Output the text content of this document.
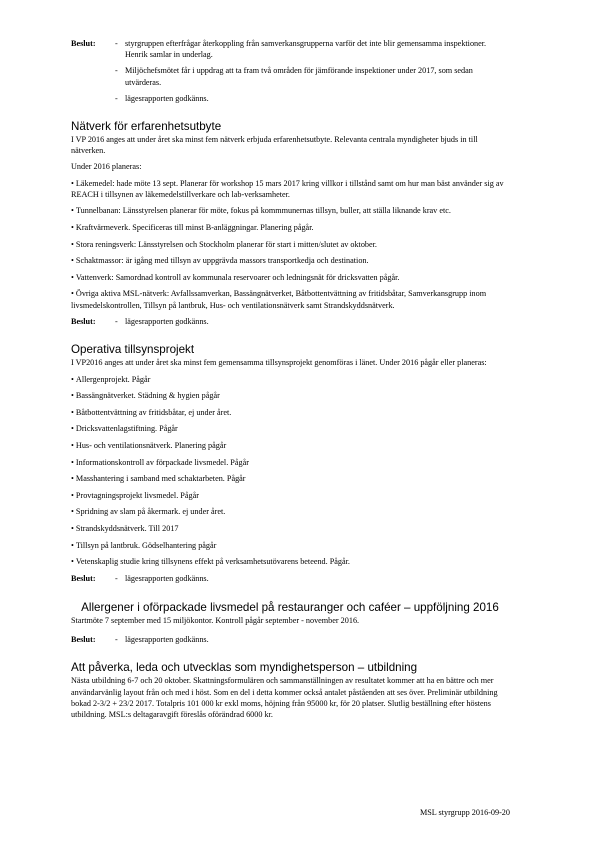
Beslut:	- styrgruppen efterfrågar återkoppling från samverkansgrupperna varför det inte blir gemensamma inspektioner. Henrik samlar in underlag.
- Miljöchefsmötet får i uppdrag att ta fram två områden för jämförande inspektioner under 2017, som sedan utvärderas.
- lägesrapporten godkänns.
Nätverk för erfarenhetsutbyte

I VP 2016 anges att under året ska minst fem nätverk erbjuda erfarenhetsutbyte. Relevanta centrala myndigheter bjuds in till nätverken.

Under 2016 planeras:

• Läkemedel: hade möte 13 sept. Planerar för workshop 15 mars 2017 kring villkor i tillstånd samt om hur man bäst använder sig av REACH i tillsynen av läkemedelstillverkare och lab-verksamheter.
• Tunnelbanan: Länsstyrelsen planerar för möte, fokus på kommmunernas tillsyn, buller, att ställa liknande krav etc.
• Kraftvärmeverk. Specificeras till minst B-anläggningar. Planering pågår.
• Stora reningsverk: Länsstyrelsen och Stockholm planerar för start i mitten/slutet av oktober.
• Schaktmassor: är igång med tillsyn av uppgrävda massors transportkedja och destination.
• Vattenverk: Samordnad kontroll av kommunala reservoarer och ledningsnät för dricksvatten pågår.
• Övriga aktiva MSL-nätverk: Avfallssamverkan, Bassängnätverket, Båtbottentvättning av fritidsbåtar, Samverkansgrupp inom livsmedelskontrollen, Tillsyn på lantbruk, Hus- och ventilationsnätverk samt Strandskyddsnätverk.
Beslut:	- lägesrapporten godkänns.
Operativa tillsynsprojekt

I VP2016 anges att under året ska minst fem gemensamma tillsynsprojekt genomföras i länet. Under 2016 pågår eller planeras:

• Allergenprojekt. Pågår
• Bassängnätverket. Städning & hygien pågår
• Båtbottentvättning av fritidsbåtar, ej under året.
• Dricksvattenlagstiftning. Pågår
• Hus- och ventilationsnätverk. Planering pågår
• Informationskontroll av förpackade livsmedel. Pågår
• Masshantering i samband med schaktarbeten. Pågår
• Provtagningsprojekt livsmedel. Pågår
• Spridning av slam på åkermark. ej under året.
• Strandskyddsnätverk. Till 2017
• Tillsyn på lantbruk. Gödselhantering pågår
• Vetenskaplig studie kring tillsynens effekt på verksamhetsutövarens beteend. Pågår.
Beslut:	- lägesrapporten godkänns.
Allergener i oförpackade livsmedel på restauranger och caféer – uppföljning 2016

Startmöte 7 september med 15 miljökontor. Kontroll pågår september - november 2016.

Beslut:	- lägesrapporten godkänns.
Att påverka, leda och utvecklas som myndighetsperson – utbildning

Nästa utbildning 6-7 och 20 oktober. Skattningsformulären och sammanställningen av resultatet kommer att ha en bättre och mer användarvänlig layout från och med i höst. Som en del i detta kommer också antalet påståenden att ses över. Preliminär utbildning bokad 2-3/2 + 23/2 2017. Totalpris 101 000 kr exkl moms, höjning från 95000 kr, för 20 platser. Slutlig beställning efter höstens utbildning. MSL:s deltagaravgift föreslås oförändrad 6000 kr.

MSL styrgrupp 2016-09-20
